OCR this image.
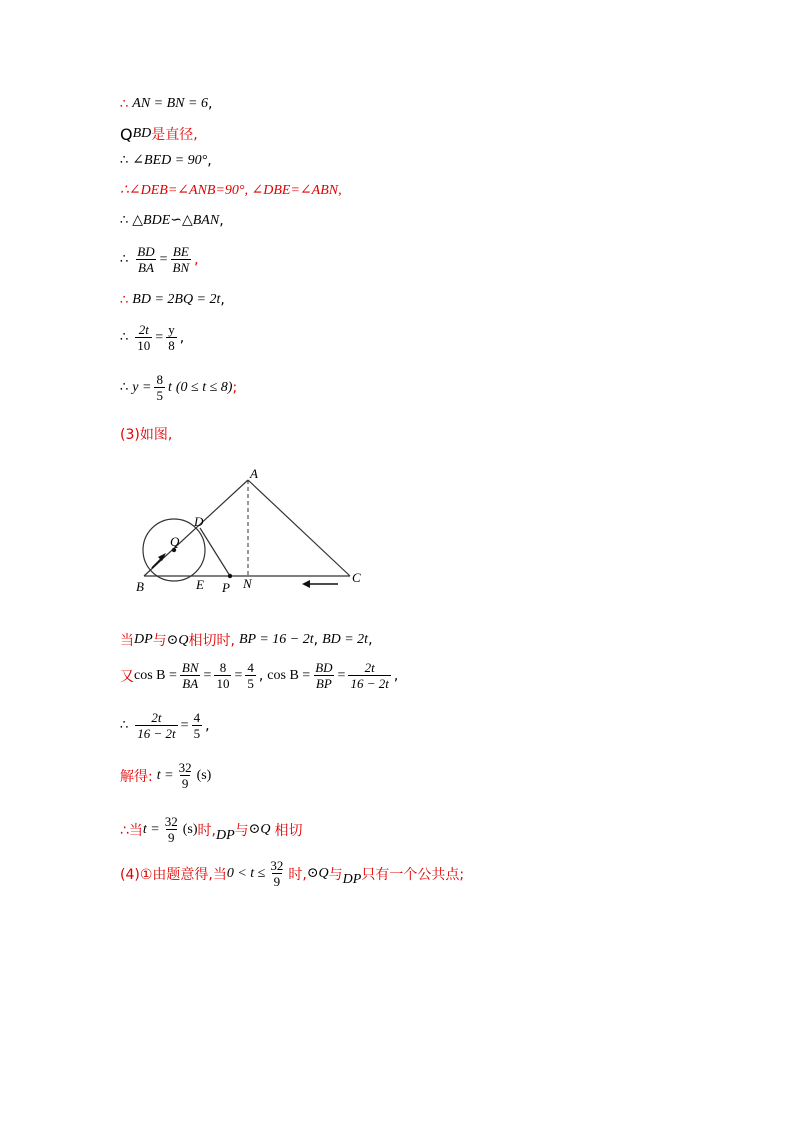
∴ AN = BN = 6 ,
Q BD 是直径,
∴ ∠BED = 90° ,
∴∠DEB=∠ANB=90°, ∠DBE=∠ABN,
∴ △BDE∽△BAN ,
∴ $\frac{BD}{BA} = \frac{BE}{BN}$ ,
∴ BD = 2BQ = 2t ,
∴ $\frac{2t}{10} = \frac{y}{8}$ ,
∴ $y = \frac{8}{5}$ t (0 ≤ t ≤ 8) ;
(3)如图,
A
B
C
D
E	N
P
Q
当 DP 与 ⊙Q 相切时, BP = 16 − 2t , BD = 2t ,
又 $\cos B = \frac{BN}{BA} = \frac{8}{10} = \frac{4}{5}$ , $\cos B = \frac{BD}{BP} = \frac{2t}{16 - 2t}$ ,
∴ $\frac{2t}{16 - 2t} = \frac{4}{5}$ ,
解得: $t = \frac{32}{9} (s)$
∴当 $t = \frac{32}{9} (s)$ 时, DP 与 ⊙Q 相切
(4)①由题意得,当 $0 < t \le \frac{32}{9}$ 时, ⊙Q 与 DP 只有一个公共点;
